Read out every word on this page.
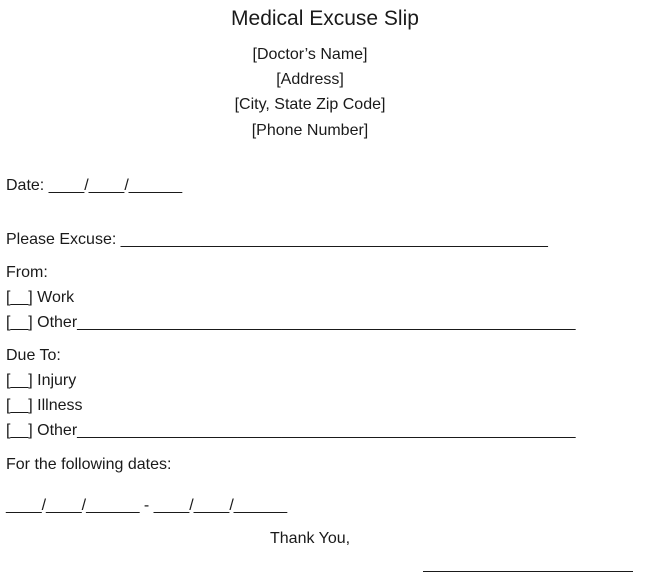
Medical Excuse Slip
[Doctor’s Name]
[Address]
[City, State Zip Code]
[Phone Number]
Date: ____/____/______
Please Excuse: ________________________________________________
From:
[__] Work
[__] Other________________________________________________________
Due To:
[__] Injury
[__] Illness
[__] Other________________________________________________________
For the following dates:
____/____/______ - ____/____/______
Thank You,
